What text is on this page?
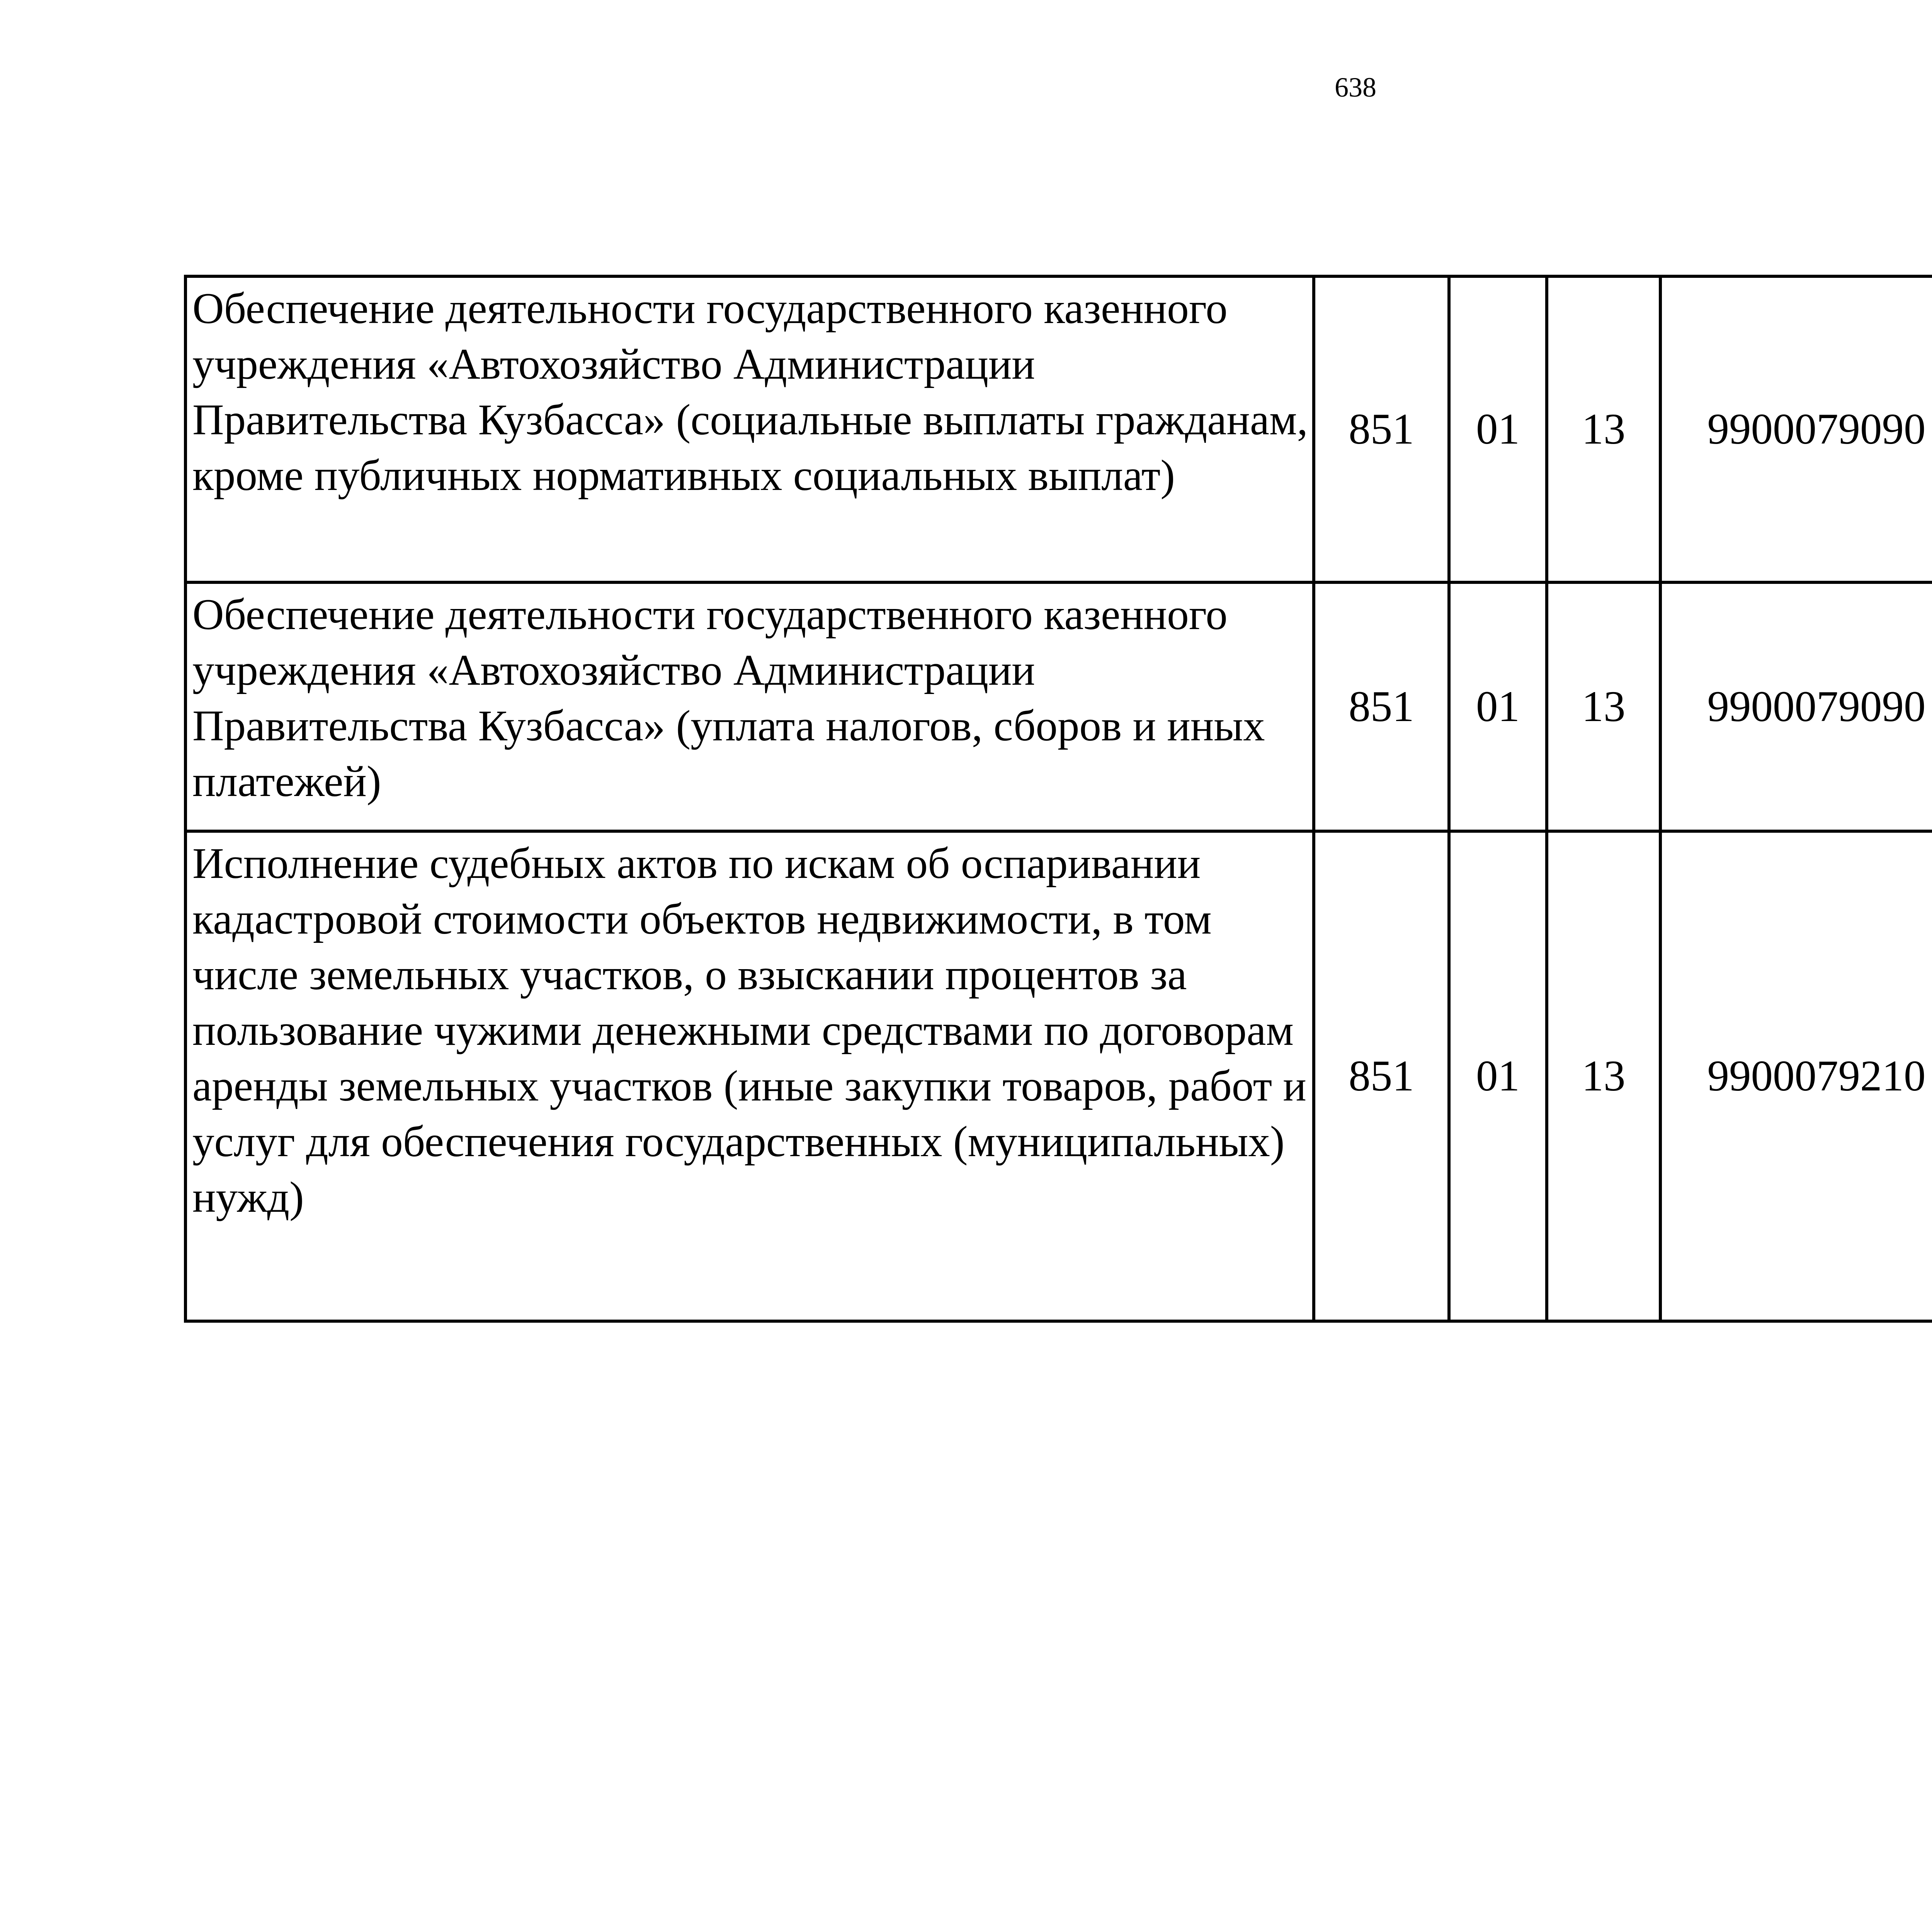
638
Обеспечение деятельности государственного казенного учреждения «Автохозяйство Администрации Правительства Кузбасса» (социальные выплаты гражданам, кроме публичных нормативных социальных выплат)	851	01	13	9900079090		
Обеспечение деятельности государственного казенного учреждения «Автохозяйство Администрации Правительства Кузбасса» (уплата налогов, сборов и иных платежей)	851	01	13	9900079090		
Исполнение судебных актов по искам об оспаривании кадастровой стоимости объектов недвижимости, в том числе земельных участков, о взыскании процентов за пользование чужими денежными средствами по договорам аренды земельных участков (иные закупки товаров, работ и услуг для обеспечения государственных (муниципальных) нужд)	851	01	13	9900079210		
